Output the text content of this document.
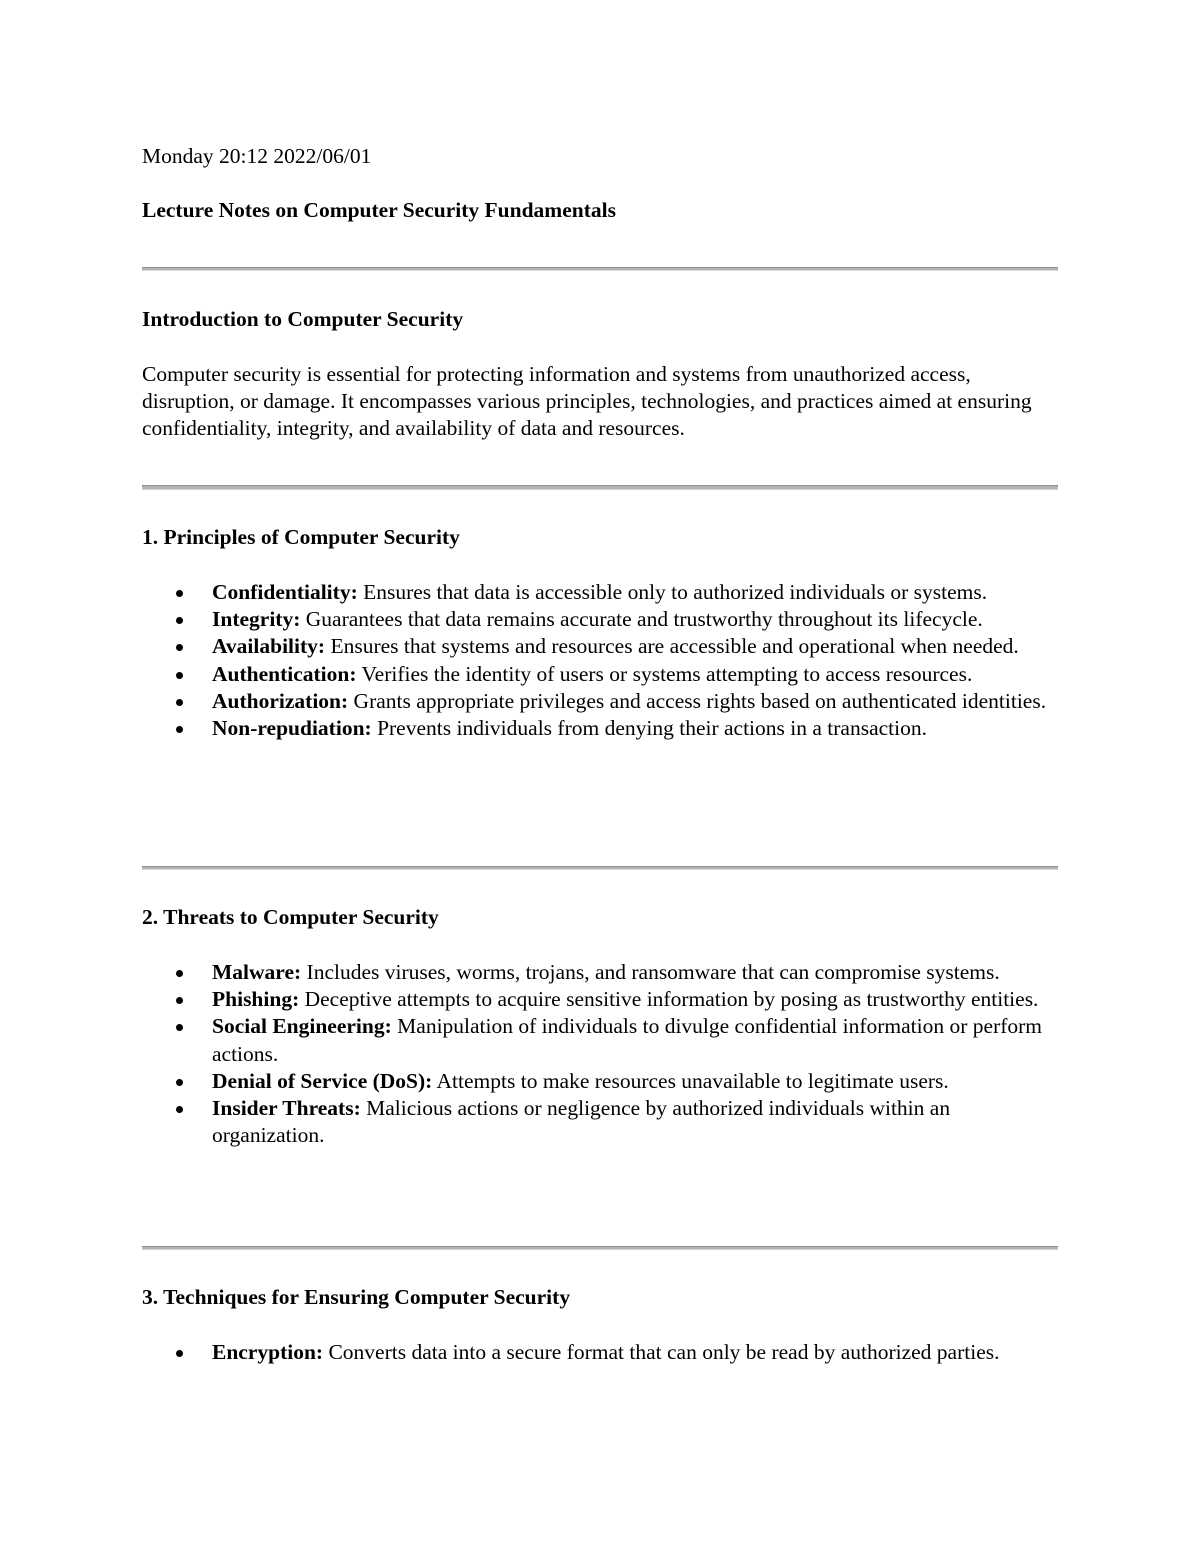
Monday 20:12 2022/06/01
Lecture Notes on Computer Security Fundamentals
Introduction to Computer Security

Computer security is essential for protecting information and systems from unauthorized access, disruption, or damage. It encompasses various principles, technologies, and practices aimed at ensuring confidentiality, integrity, and availability of data and resources.

1. Principles of Computer Security
Confidentiality: Ensures that data is accessible only to authorized individuals or systems.
Integrity: Guarantees that data remains accurate and trustworthy throughout its lifecycle.
Availability: Ensures that systems and resources are accessible and operational when needed.
Authentication: Verifies the identity of users or systems attempting to access resources.
Authorization: Grants appropriate privileges and access rights based on authenticated identities.
Non-repudiation: Prevents individuals from denying their actions in a transaction.
2. Threats to Computer Security
Malware: Includes viruses, worms, trojans, and ransomware that can compromise systems.
Phishing: Deceptive attempts to acquire sensitive information by posing as trustworthy entities.
Social Engineering: Manipulation of individuals to divulge confidential information or perform actions.
Denial of Service (DoS): Attempts to make resources unavailable to legitimate users.
Insider Threats: Malicious actions or negligence by authorized individuals within an organization.
3. Techniques for Ensuring Computer Security
Encryption: Converts data into a secure format that can only be read by authorized parties.
